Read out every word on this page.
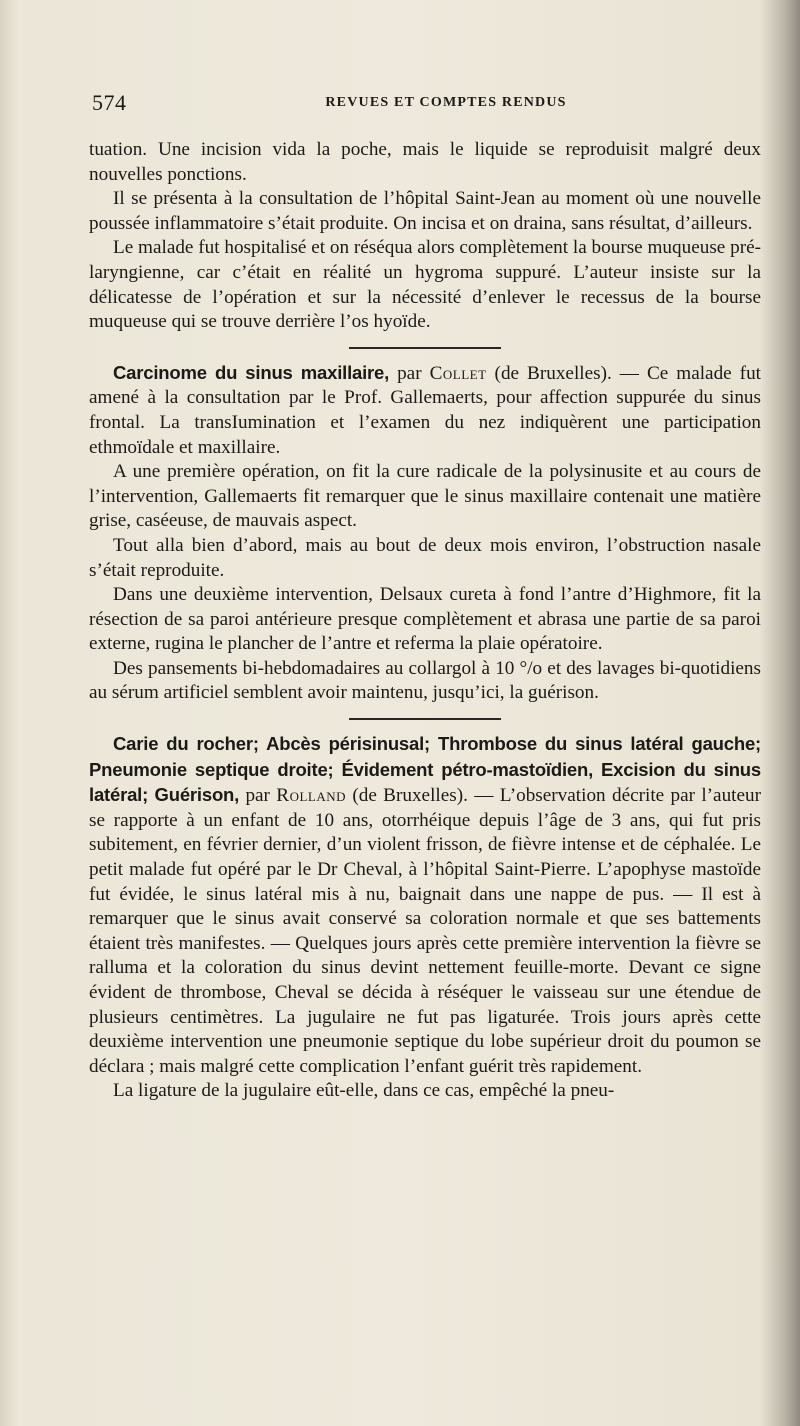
574	REVUES ET COMPTES RENDUS

tuation. Une incision vida la poche, mais le liquide se reproduisit malgré deux nouvelles ponctions.

Il se présenta à la consultation de l’hôpital Saint-Jean au moment où une nouvelle poussée inflammatoire s’était produite. On incisa et on draina, sans résultat, d’ailleurs.

Le malade fut hospitalisé et on réséqua alors complètement la bourse muqueuse pré-laryngienne, car c’était en réalité un hygroma suppuré. L’auteur insiste sur la délicatesse de l’opération et sur la nécessité d’enlever le recessus de la bourse muqueuse qui se trouve derrière l’os hyoïde.

Carcinome du sinus maxillaire, par Collet (de Bruxelles). — Ce malade fut amené à la consultation par le Prof. Gallemaerts, pour affection suppurée du sinus frontal. La transIumination et l’examen du nez indiquèrent une participation ethmoïdale et maxillaire.

A une première opération, on fit la cure radicale de la polysinusite et au cours de l’intervention, Gallemaerts fit remarquer que le sinus maxillaire contenait une matière grise, caséeuse, de mauvais aspect.

Tout alla bien d’abord, mais au bout de deux mois environ, l’obstruction nasale s’était reproduite.

Dans une deuxième intervention, Delsaux cureta à fond l’antre d’Highmore, fit la résection de sa paroi antérieure presque complètement et abrasa une partie de sa paroi externe, rugina le plancher de l’antre et referma la plaie opératoire.

Des pansements bi-hebdomadaires au collargol à 10 °/o et des lavages bi-quotidiens au sérum artificiel semblent avoir maintenu, jusqu’ici, la guérison.

Carie du rocher; Abcès périsinusal; Thrombose du sinus latéral gauche; Pneumonie septique droite; Évidement pétro-mastoïdien, Excision du sinus latéral; Guérison, par Rolland (de Bruxelles). — L’observation décrite par l’auteur se rapporte à un enfant de 10 ans, otorrhéique depuis l’âge de 3 ans, qui fut pris subitement, en février dernier, d’un violent frisson, de fièvre intense et de céphalée. Le petit malade fut opéré par le Dr Cheval, à l’hôpital Saint-Pierre. L’apophyse mastoïde fut évidée, le sinus latéral mis à nu, baignait dans une nappe de pus. — Il est à remarquer que le sinus avait conservé sa coloration normale et que ses battements étaient très manifestes. — Quelques jours après cette première intervention la fièvre se ralluma et la coloration du sinus devint nettement feuille-morte. Devant ce signe évident de thrombose, Cheval se décida à réséquer le vaisseau sur une étendue de plusieurs centimètres. La jugulaire ne fut pas ligaturée. Trois jours après cette deuxième intervention une pneumonie septique du lobe supérieur droit du poumon se déclara ; mais malgré cette complication l’enfant guérit très rapidement.

La ligature de la jugulaire eût-elle, dans ce cas, empêché la pneu-
